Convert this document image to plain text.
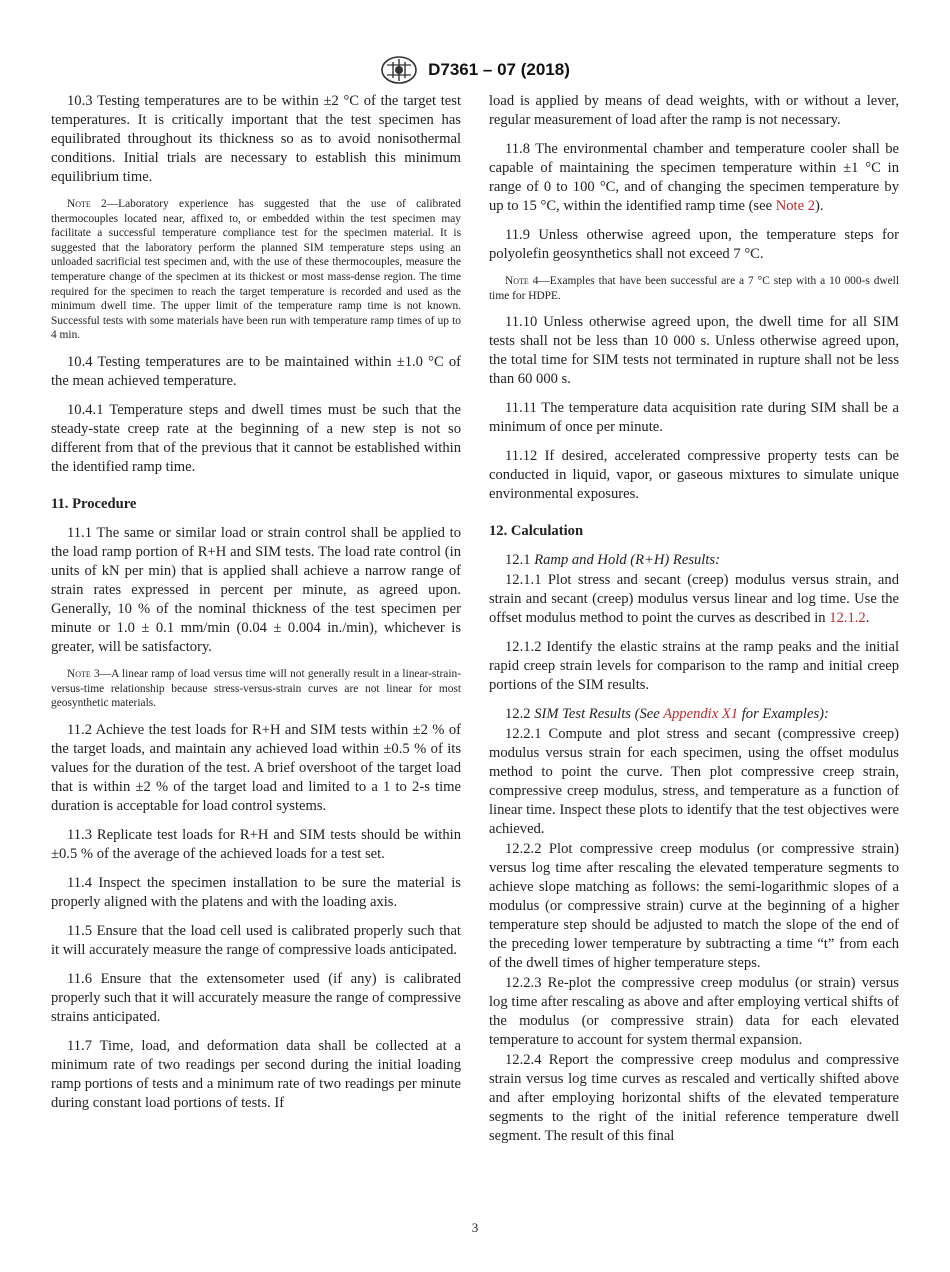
D7361 – 07 (2018)

10.3 Testing temperatures are to be within ±2 °C of the target test temperatures. It is critically important that the test specimen has equilibrated throughout its thickness so as to avoid nonisothermal conditions. Initial trials are necessary to establish this minimum equilibrium time.

Note 2—Laboratory experience has suggested that the use of calibrated thermocouples located near, affixed to, or embedded within the test specimen may facilitate a successful temperature compliance test for the specimen material. It is suggested that the laboratory perform the planned SIM temperature steps using an unloaded sacrificial test specimen and, with the use of these thermocouples, measure the temperature change of the specimen at its thickest or most mass-dense region. The time required for the specimen to reach the target temperature is recorded and used as the minimum dwell time. The upper limit of the temperature ramp time is not known. Successful tests with some materials have been run with temperature ramp times of up to 4 min.

10.4 Testing temperatures are to be maintained within ±1.0 °C of the mean achieved temperature.

10.4.1 Temperature steps and dwell times must be such that the steady-state creep rate at the beginning of a new step is not so different from that of the previous that it cannot be established within the identified ramp time.

11. Procedure

11.1 The same or similar load or strain control shall be applied to the load ramp portion of R+H and SIM tests. The load rate control (in units of kN per min) that is applied shall achieve a narrow range of strain rates expressed in percent per minute, as agreed upon. Generally, 10 % of the nominal thickness of the test specimen per minute or 1.0 ± 0.1 mm/min (0.04 ± 0.004 in./min), whichever is greater, will be satisfactory.

Note 3—A linear ramp of load versus time will not generally result in a linear-strain-versus-time relationship because stress-versus-strain curves are not linear for most geosynthetic materials.

11.2 Achieve the test loads for R+H and SIM tests within ±2 % of the target loads, and maintain any achieved load within ±0.5 % of its values for the duration of the test. A brief overshoot of the target load that is within ±2 % of the target load and limited to a 1 to 2-s time duration is acceptable for load control systems.

11.3 Replicate test loads for R+H and SIM tests should be within ±0.5 % of the average of the achieved loads for a test set.

11.4 Inspect the specimen installation to be sure the material is properly aligned with the platens and with the loading axis.

11.5 Ensure that the load cell used is calibrated properly such that it will accurately measure the range of compressive loads anticipated.

11.6 Ensure that the extensometer used (if any) is calibrated properly such that it will accurately measure the range of compressive strains anticipated.

11.7 Time, load, and deformation data shall be collected at a minimum rate of two readings per second during the initial loading ramp portions of tests and a minimum rate of two readings per minute during constant load portions of tests. If

load is applied by means of dead weights, with or without a lever, regular measurement of load after the ramp is not necessary.

11.8 The environmental chamber and temperature cooler shall be capable of maintaining the specimen temperature within ±1 °C in range of 0 to 100 °C, and of changing the specimen temperature by up to 15 °C, within the identified ramp time (see Note 2).

11.9 Unless otherwise agreed upon, the temperature steps for polyolefin geosynthetics shall not exceed 7 °C.

Note 4—Examples that have been successful are a 7 °C step with a 10 000-s dwell time for HDPE.

11.10 Unless otherwise agreed upon, the dwell time for all SIM tests shall not be less than 10 000 s. Unless otherwise agreed upon, the total time for SIM tests not terminated in rupture shall not be less than 60 000 s.

11.11 The temperature data acquisition rate during SIM shall be a minimum of once per minute.

11.12 If desired, accelerated compressive property tests can be conducted in liquid, vapor, or gaseous mixtures to simulate unique environmental exposures.

12. Calculation

12.1 Ramp and Hold (R+H) Results:

12.1.1 Plot stress and secant (creep) modulus versus strain, and strain and secant (creep) modulus versus linear and log time. Use the offset modulus method to point the curves as described in 12.1.2.

12.1.2 Identify the elastic strains at the ramp peaks and the initial rapid creep strain levels for comparison to the ramp and initial creep portions of the SIM results.

12.2 SIM Test Results (See Appendix X1 for Examples):

12.2.1 Compute and plot stress and secant (compressive creep) modulus versus strain for each specimen, using the offset modulus method to point the curve. Then plot compressive creep strain, compressive creep modulus, stress, and temperature as a function of linear time. Inspect these plots to identify that the test objectives were achieved.

12.2.2 Plot compressive creep modulus (or compressive strain) versus log time after rescaling the elevated temperature segments to achieve slope matching as follows: the semi-logarithmic slopes of a modulus (or compressive strain) curve at the beginning of a higher temperature step should be adjusted to match the slope of the end of the preceding lower temperature by subtracting a time “t” from each of the dwell times of higher temperature steps.

12.2.3 Re-plot the compressive creep modulus (or strain) versus log time after rescaling as above and after employing vertical shifts of the modulus (or compressive strain) data for each elevated temperature to account for system thermal expansion.

12.2.4 Report the compressive creep modulus and compressive strain versus log time curves as rescaled and vertically shifted above and after employing horizontal shifts of the elevated temperature segments to the right of the initial reference temperature dwell segment. The result of this final

3
